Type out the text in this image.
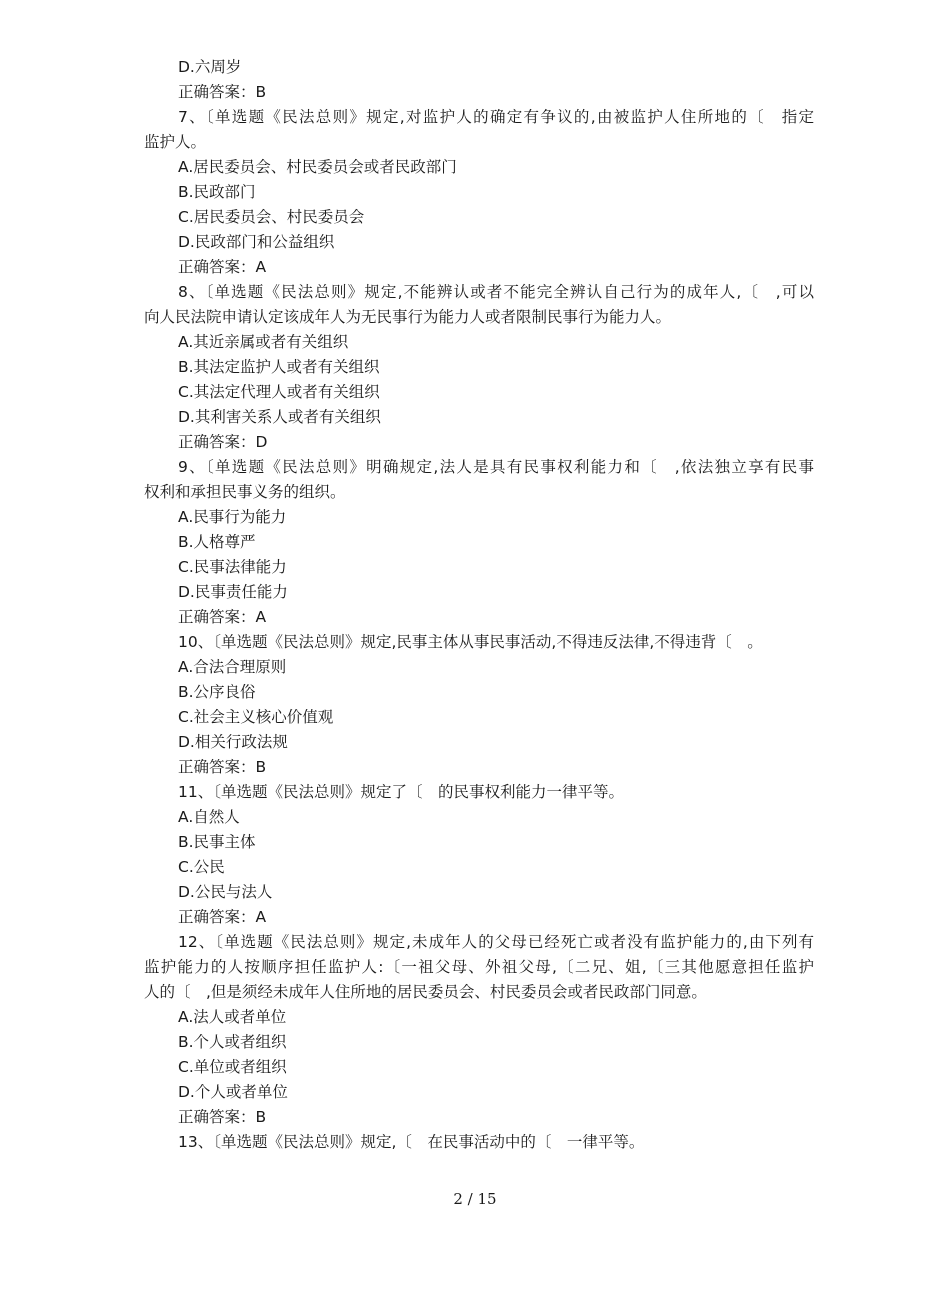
D.六周岁
正确答案：B
7、〔单选题《民法总则》规定,对监护人的确定有争议的,由被监护人住所地的〔　指定
监护人。
A.居民委员会、村民委员会或者民政部门
B.民政部门
C.居民委员会、村民委员会
D.民政部门和公益组织
正确答案：A
8、〔单选题《民法总则》规定,不能辨认或者不能完全辨认自己行为的成年人,〔　,可以
向人民法院申请认定该成年人为无民事行为能力人或者限制民事行为能力人。
A.其近亲属或者有关组织
B.其法定监护人或者有关组织
C.其法定代理人或者有关组织
D.其利害关系人或者有关组织
正确答案：D
9、〔单选题《民法总则》明确规定,法人是具有民事权利能力和〔　,依法独立享有民事
权利和承担民事义务的组织。
A.民事行为能力
B.人格尊严
C.民事法律能力
D.民事责任能力
正确答案：A
10、〔单选题《民法总则》规定,民事主体从事民事活动,不得违反法律,不得违背〔　。
A.合法合理原则
B.公序良俗
C.社会主义核心价值观
D.相关行政法规
正确答案：B
11、〔单选题《民法总则》规定了〔　的民事权利能力一律平等。
A.自然人
B.民事主体
C.公民
D.公民与法人
正确答案：A
12、〔单选题《民法总则》规定,未成年人的父母已经死亡或者没有监护能力的,由下列有
监护能力的人按顺序担任监护人:〔一祖父母、外祖父母,〔二兄、姐,〔三其他愿意担任监护
人的〔　,但是须经未成年人住所地的居民委员会、村民委员会或者民政部门同意。
A.法人或者单位
B.个人或者组织
C.单位或者组织
D.个人或者单位
正确答案：B
13、〔单选题《民法总则》规定,〔　在民事活动中的〔　一律平等。
2 / 15
